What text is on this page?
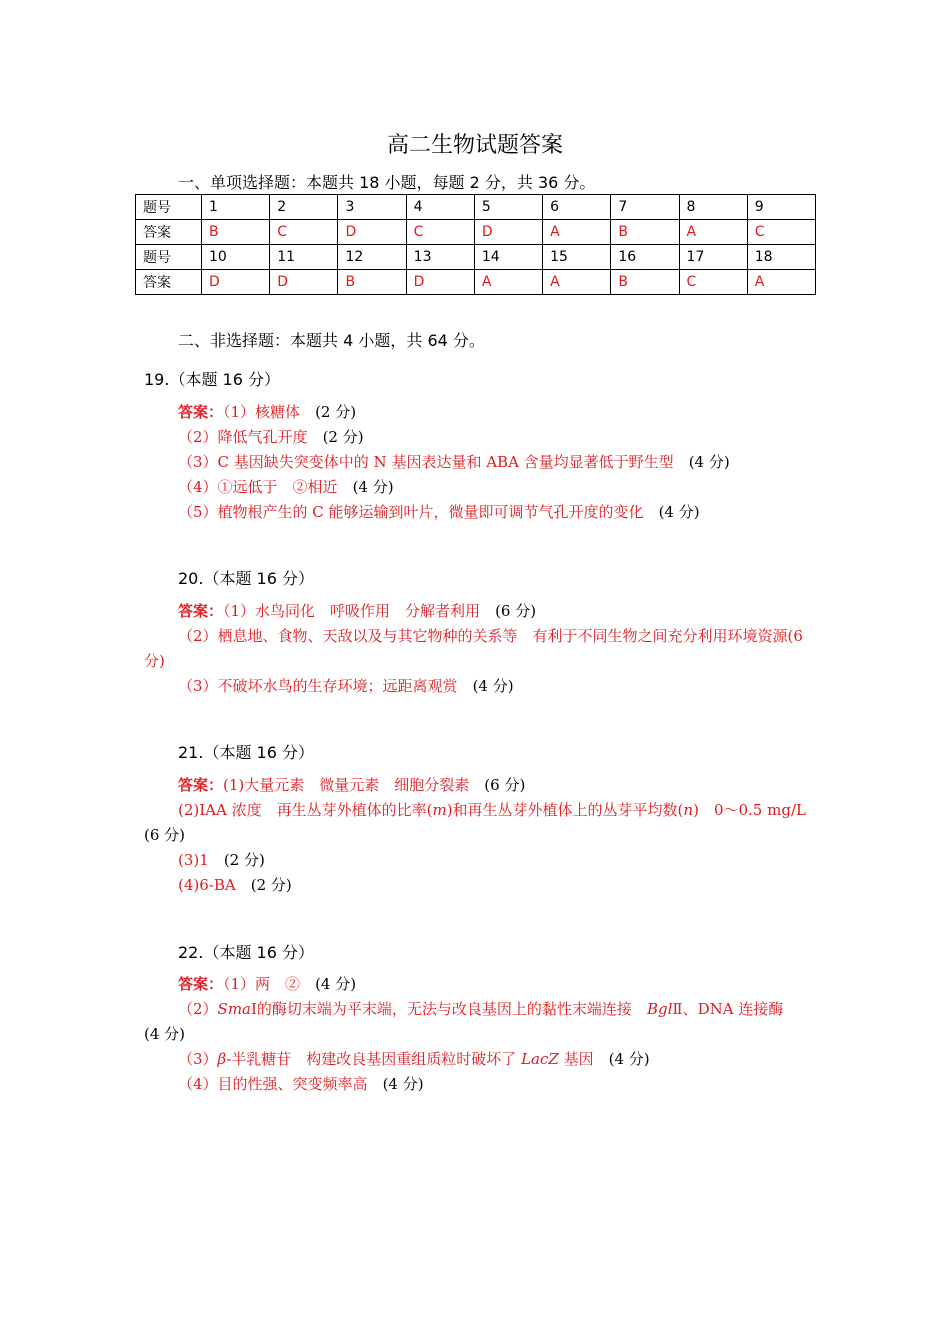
高二生物试题答案
一、单项选择题：本题共 18 小题，每题 2 分，共 36 分。
题号	1	2	3	4	5	6	7	8	9
答案	B	C	D	C	D	A	B	A	C
题号	10	11	12	13	14	15	16	17	18
答案	D	D	B	D	A	A	B	C	A
二、非选择题：本题共 4 小题，共 64 分。
19.（本题 16 分）
答案：（1）核糖体　 (2 分)
（2）降低气孔开度　 (2 分)
（3）C 基因缺失突变体中的 N 基因表达量和 ABA 含量均显著低于野生型　 (4 分)
（4）①远低于　②相近　 (4 分)
（5）植物根产生的 C 能够运输到叶片，微量即可调节气孔开度的变化　 (4 分)
20.（本题 16 分）
答案：（1）水鸟同化　呼吸作用　分解者利用　 (6 分)
（2）栖息地、食物、天敌以及与其它物种的关系等　有利于不同生物之间充分利用环境资源(6 分)
（3）不破坏水鸟的生存环境；远距离观赏　 (4 分)
21.（本题 16 分）
答案：(1)大量元素　微量元素　细胞分裂素　 (6 分)
(2)IAA 浓度　再生丛芽外植体的比率(m)和再生丛芽外植体上的丛芽平均数(n)　0～0.5 mg/L　(6 分)
(3)1　 (2 分)
(4)6-BA　 (2 分)
22.（本题 16 分）
答案：（1）两　②　 (4 分)
（2）SmaⅠ的酶切末端为平末端，无法与改良基因上的黏性末端连接　BglⅡ、DNA 连接酶　(4 分)
（3）β-半乳糖苷　构建改良基因重组质粒时破坏了 LacZ 基因　 (4 分)
（4）目的性强、突变频率高　 (4 分)
